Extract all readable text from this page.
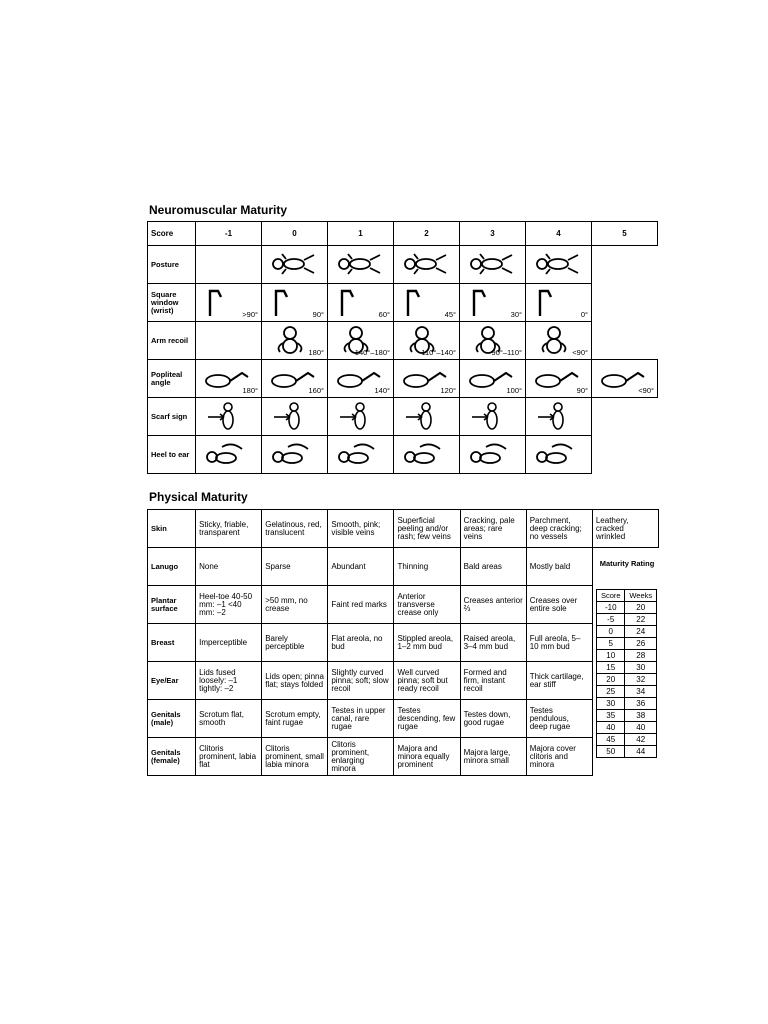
Neuromuscular Maturity
Score	-1	0	1	2	3	4	5
Posture		

Square window (wrist)	>90°	90°	60°	45°	30°	0°	

Arm recoil		180°	140°–180°	110°–140°	90°–110°	<90°	

Popliteal angle	180°	160°	140°	120°	100°	90°	<90°

Scarf sign	

Heel to ear	

Physical Maturity
Skin	Sticky, friable, transparent	Gelatinous, red, translucent	Smooth, pink; visible veins	Superficial peeling and/or rash; few veins	Cracking, pale areas; rare veins	Parchment, deep cracking; no vessels	Leathery, cracked wrinkled
Lanugo	None	Sparse	Abundant	Thinning	Bald areas	Mostly bald	
Plantar surface	Heel-toe 40-50 mm: –1 <40 mm: –2	>50 mm, no crease	Faint red marks	Anterior transverse crease only	Creases anterior ⅔	Creases over entire sole	
Breast	Imperceptible	Barely perceptible	Flat areola, no bud	Stippled areola, 1–2 mm bud	Raised areola, 3–4 mm bud	Full areola, 5–10 mm bud	
Eye/Ear	Lids fused loosely: –1 tightly: –2	Lids open; pinna flat; stays folded	Slightly curved pinna; soft; slow recoil	Well curved pinna; soft but ready recoil	Formed and firm, instant recoil	Thick cartilage, ear stiff	
Genitals (male)	Scrotum flat, smooth	Scrotum empty, faint rugae	Testes in upper canal, rare rugae	Testes descending, few rugae	Testes down, good rugae	Testes pendulous, deep rugae	
Genitals (female)	Clitoris prominent, labia flat	Clitoris prominent, small labia minora	Clitoris prominent, enlarging minora	Majora and minora equally prominent	Majora large, minora small	Majora cover clitoris and minora	
Maturity Rating
Score	Weeks
-10	20
-5	22
0	24
5	26
10	28
15	30
20	32
25	34
30	36
35	38
40	40
45	42
50	44
